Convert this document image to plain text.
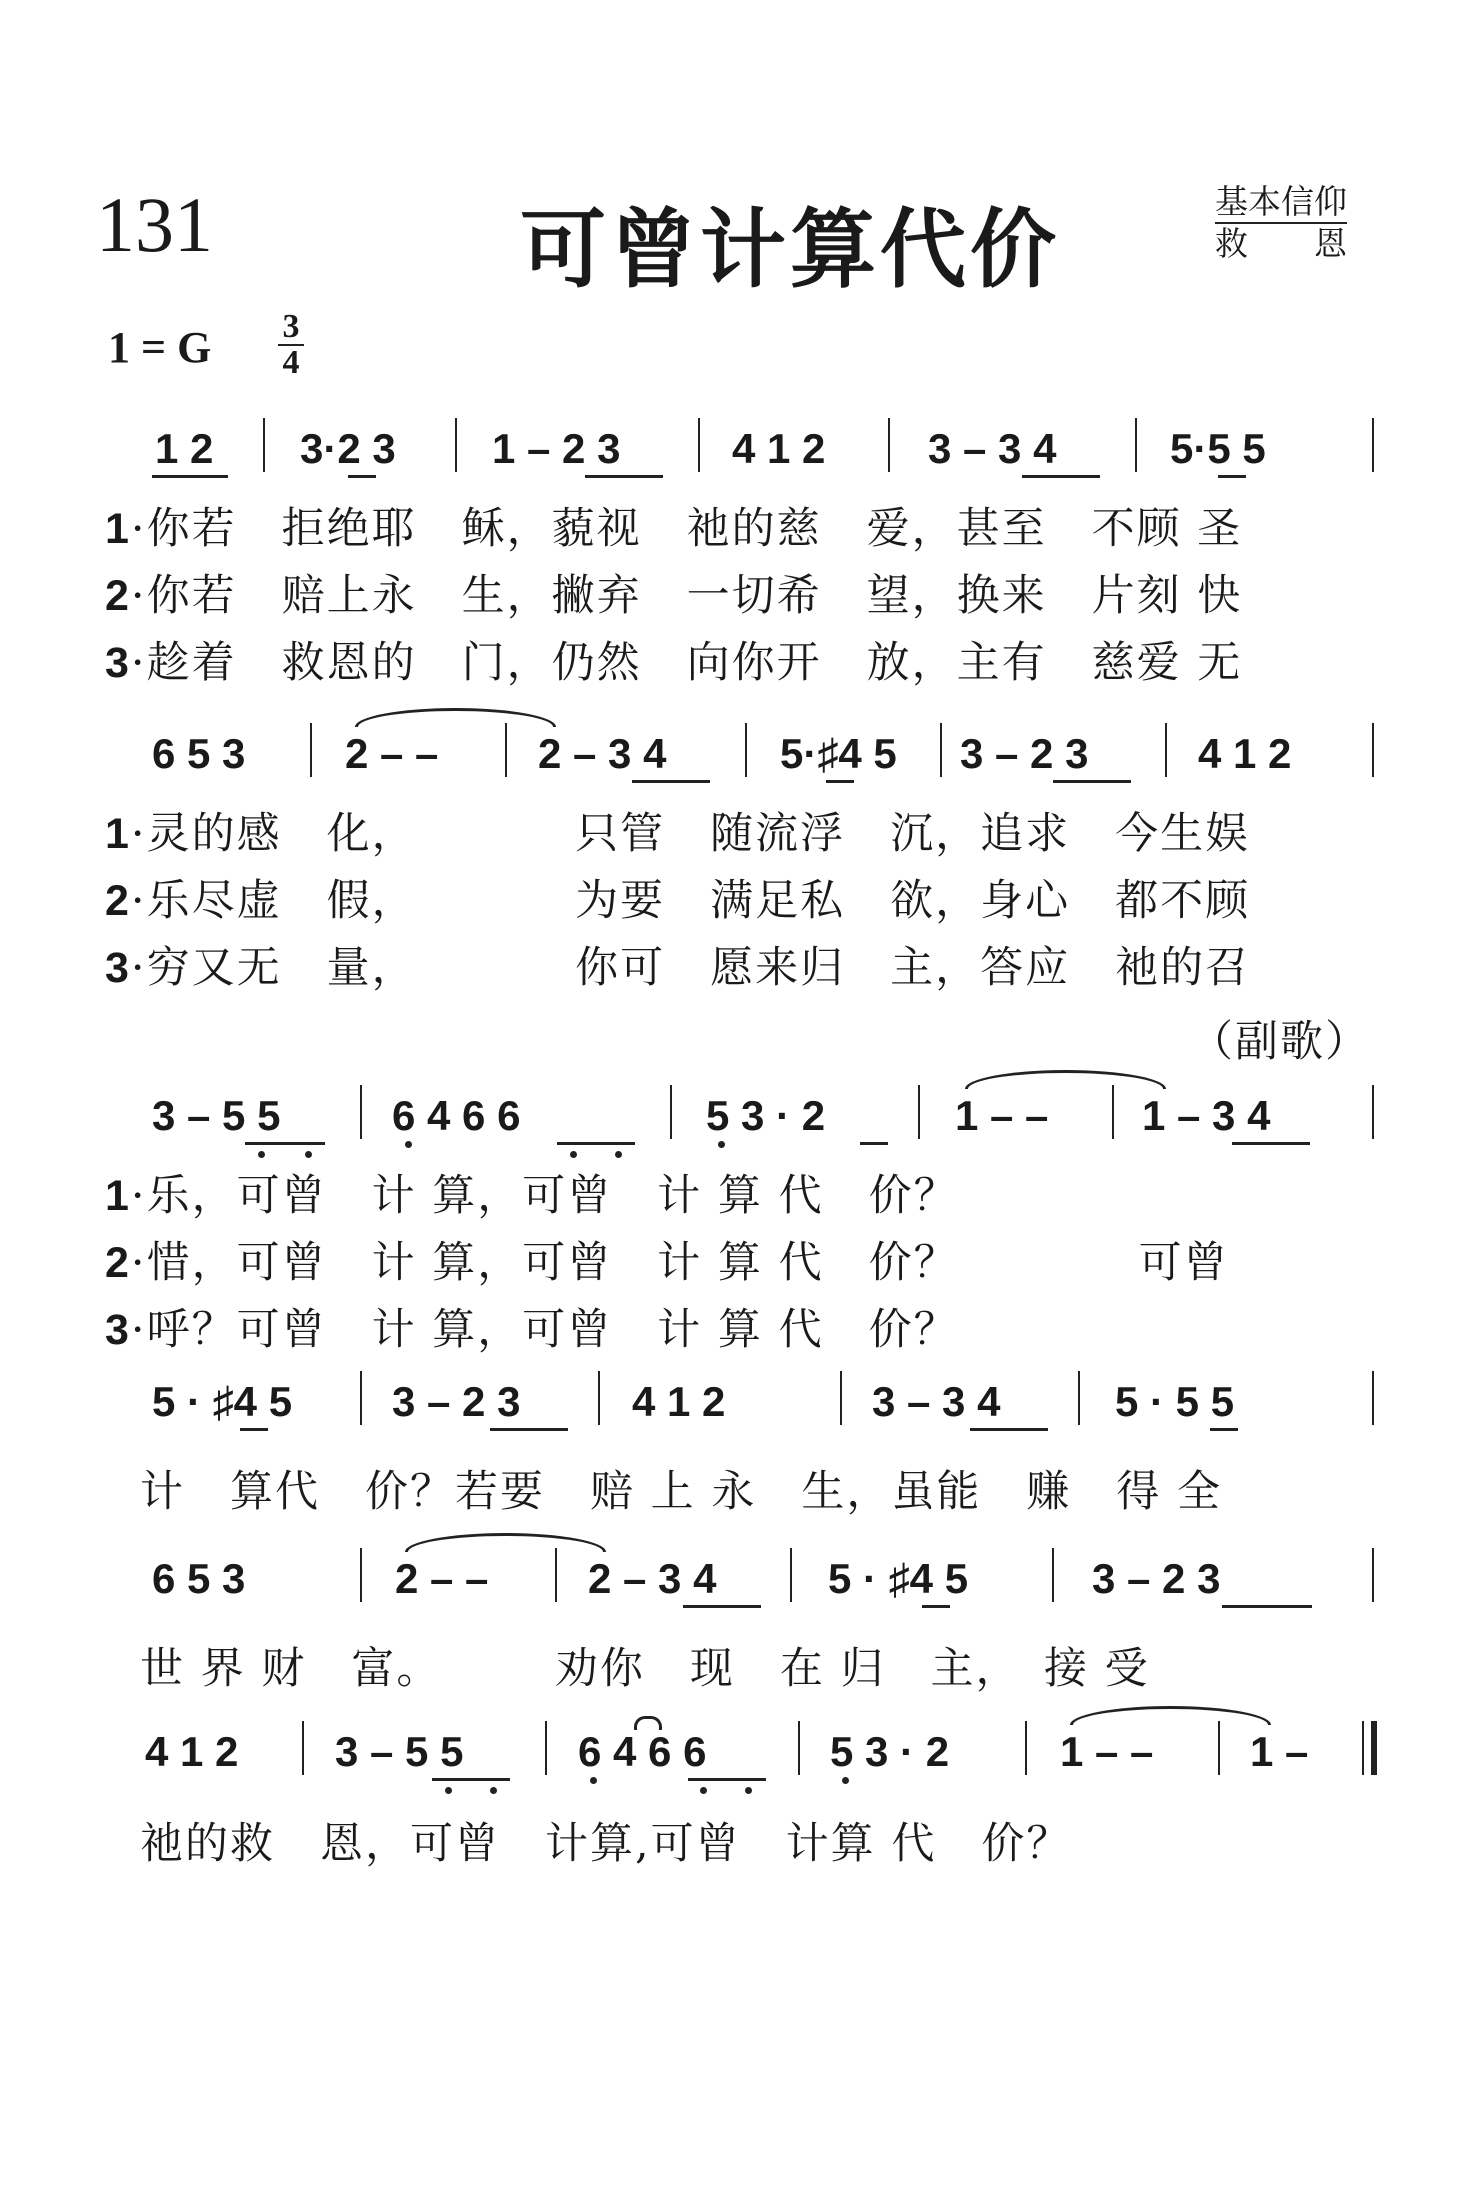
131	可曾计算代价	基本信仰
救　　恩
1 = G 3
4
1 2 3·2 3 1 – 2 3	4 1 2 3 – 3 4	5·5 5
1·你若　拒绝耶　稣，藐视　祂的慈　爱，甚至　不顾 圣
2·你若　赔上永　生，撇弃　一切希　望，换来　片刻 快
3·趁着　救恩的　门，仍然　向你开　放，主有　慈爱 无
6 5 3 2 – – 2 – 3 4	5·♯4 5 3 – 2 3	4 1 2
1·灵的感　化，　　　　只管　随流浮　沉，追求　今生娱
2·乐尽虚　假，　　　　为要　满足私　欲，身心　都不顾
3·穷又无　量，　　　　你可　愿来归　主，答应　祂的召
（副歌）
3 – 5 5	6 4 6 6	5 3 · 2	1 – – 1 – 3 4
1·乐，可曾　计 算，可曾　计 算 代　价？
2·惜，可曾　计 算，可曾　计 算 代　价？　　　　可曾
3·呼？可曾　计 算，可曾　计 算 代　价？
5 · ♯4 5 3 – 2 3	4 1 2	3 – 3 4	5 · 5 5
计　算代　价？若要　赔 上 永　生，虽能　赚　得 全
6 5 3	2 – – 2 – 3 4	5 · ♯4 5	3 – 2 3
世 界 财　富。　　　劝你　现　在 归　主，　接 受
4 1 2 3 – 5 5	6 4 6 6	5 3 · 2	1 – – 1 –
祂的救　恩，可曾　计算,可曾　计算 代　价？
